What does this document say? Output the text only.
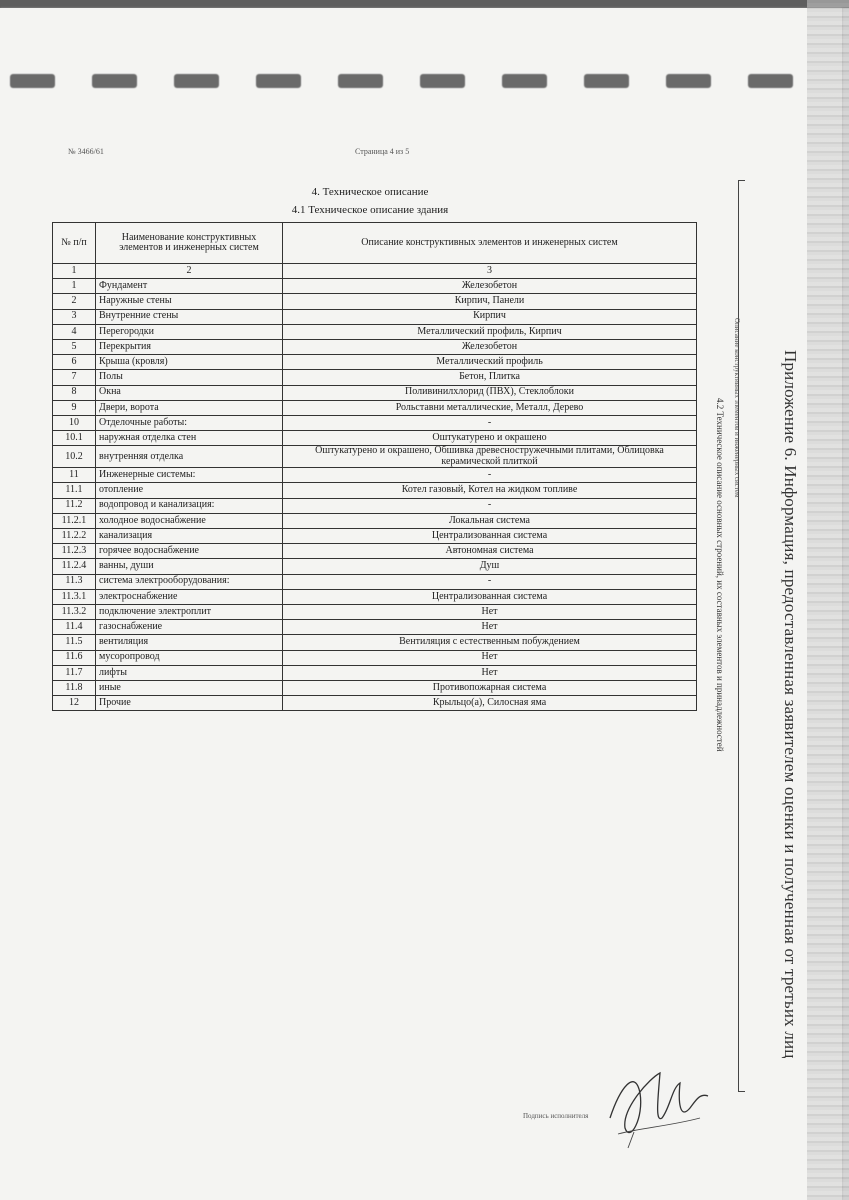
№ 3466/61	Страница 4 из 5
4. Техническое описание
4.1 Техническое описание здания
№ п/п	Наименование конструктивных элементов и инженерных систем	Описание конструктивных элементов и инженерных систем
1	2	3
1	Фундамент	Железобетон
2	Наружные стены	Кирпич, Панели
3	Внутренние стены	Кирпич
4	Перегородки	Металлический профиль, Кирпич
5	Перекрытия	Железобетон
6	Крыша (кровля)	Металлический профиль
7	Полы	Бетон, Плитка
8	Окна	Поливинилхлорид (ПВХ), Стеклоблоки
9	Двери, ворота	Рольставни металлические, Металл, Дерево
10	Отделочные работы:	-
10.1	наружная отделка стен	Оштукатурено и окрашено
10.2	внутренняя отделка	Оштукатурено и окрашено, Обшивка древесностружечными плитами, Облицовка керамической плиткой
11	Инженерные системы:	-
11.1	отопление	Котел газовый, Котел на жидком топливе
11.2	водопровод и канализация:	-
11.2.1	холодное водоснабжение	Локальная система
11.2.2	канализация	Централизованная система
11.2.3	горячее водоснабжение	Автономная система
11.2.4	ванны, души	Душ
11.3	система электрооборудования:	-
11.3.1	электроснабжение	Централизованная система
11.3.2	подключение электроплит	Нет
11.4	газоснабжение	Нет
11.5	вентиляция	Вентиляция с естественным побуждением
11.6	мусоропровод	Нет
11.7	лифты	Нет
11.8	иные	Противопожарная система
12	Прочие	Крыльцо(а), Силосная яма	Приложение 6. Информация, предоставленная заявителем оценки и полученная от третьих лиц
4.2 Техническое описание основных строений, их составных элементов и принадлежностей Описание конструктивных элементов и инженерных систем
Подпись исполнителя
